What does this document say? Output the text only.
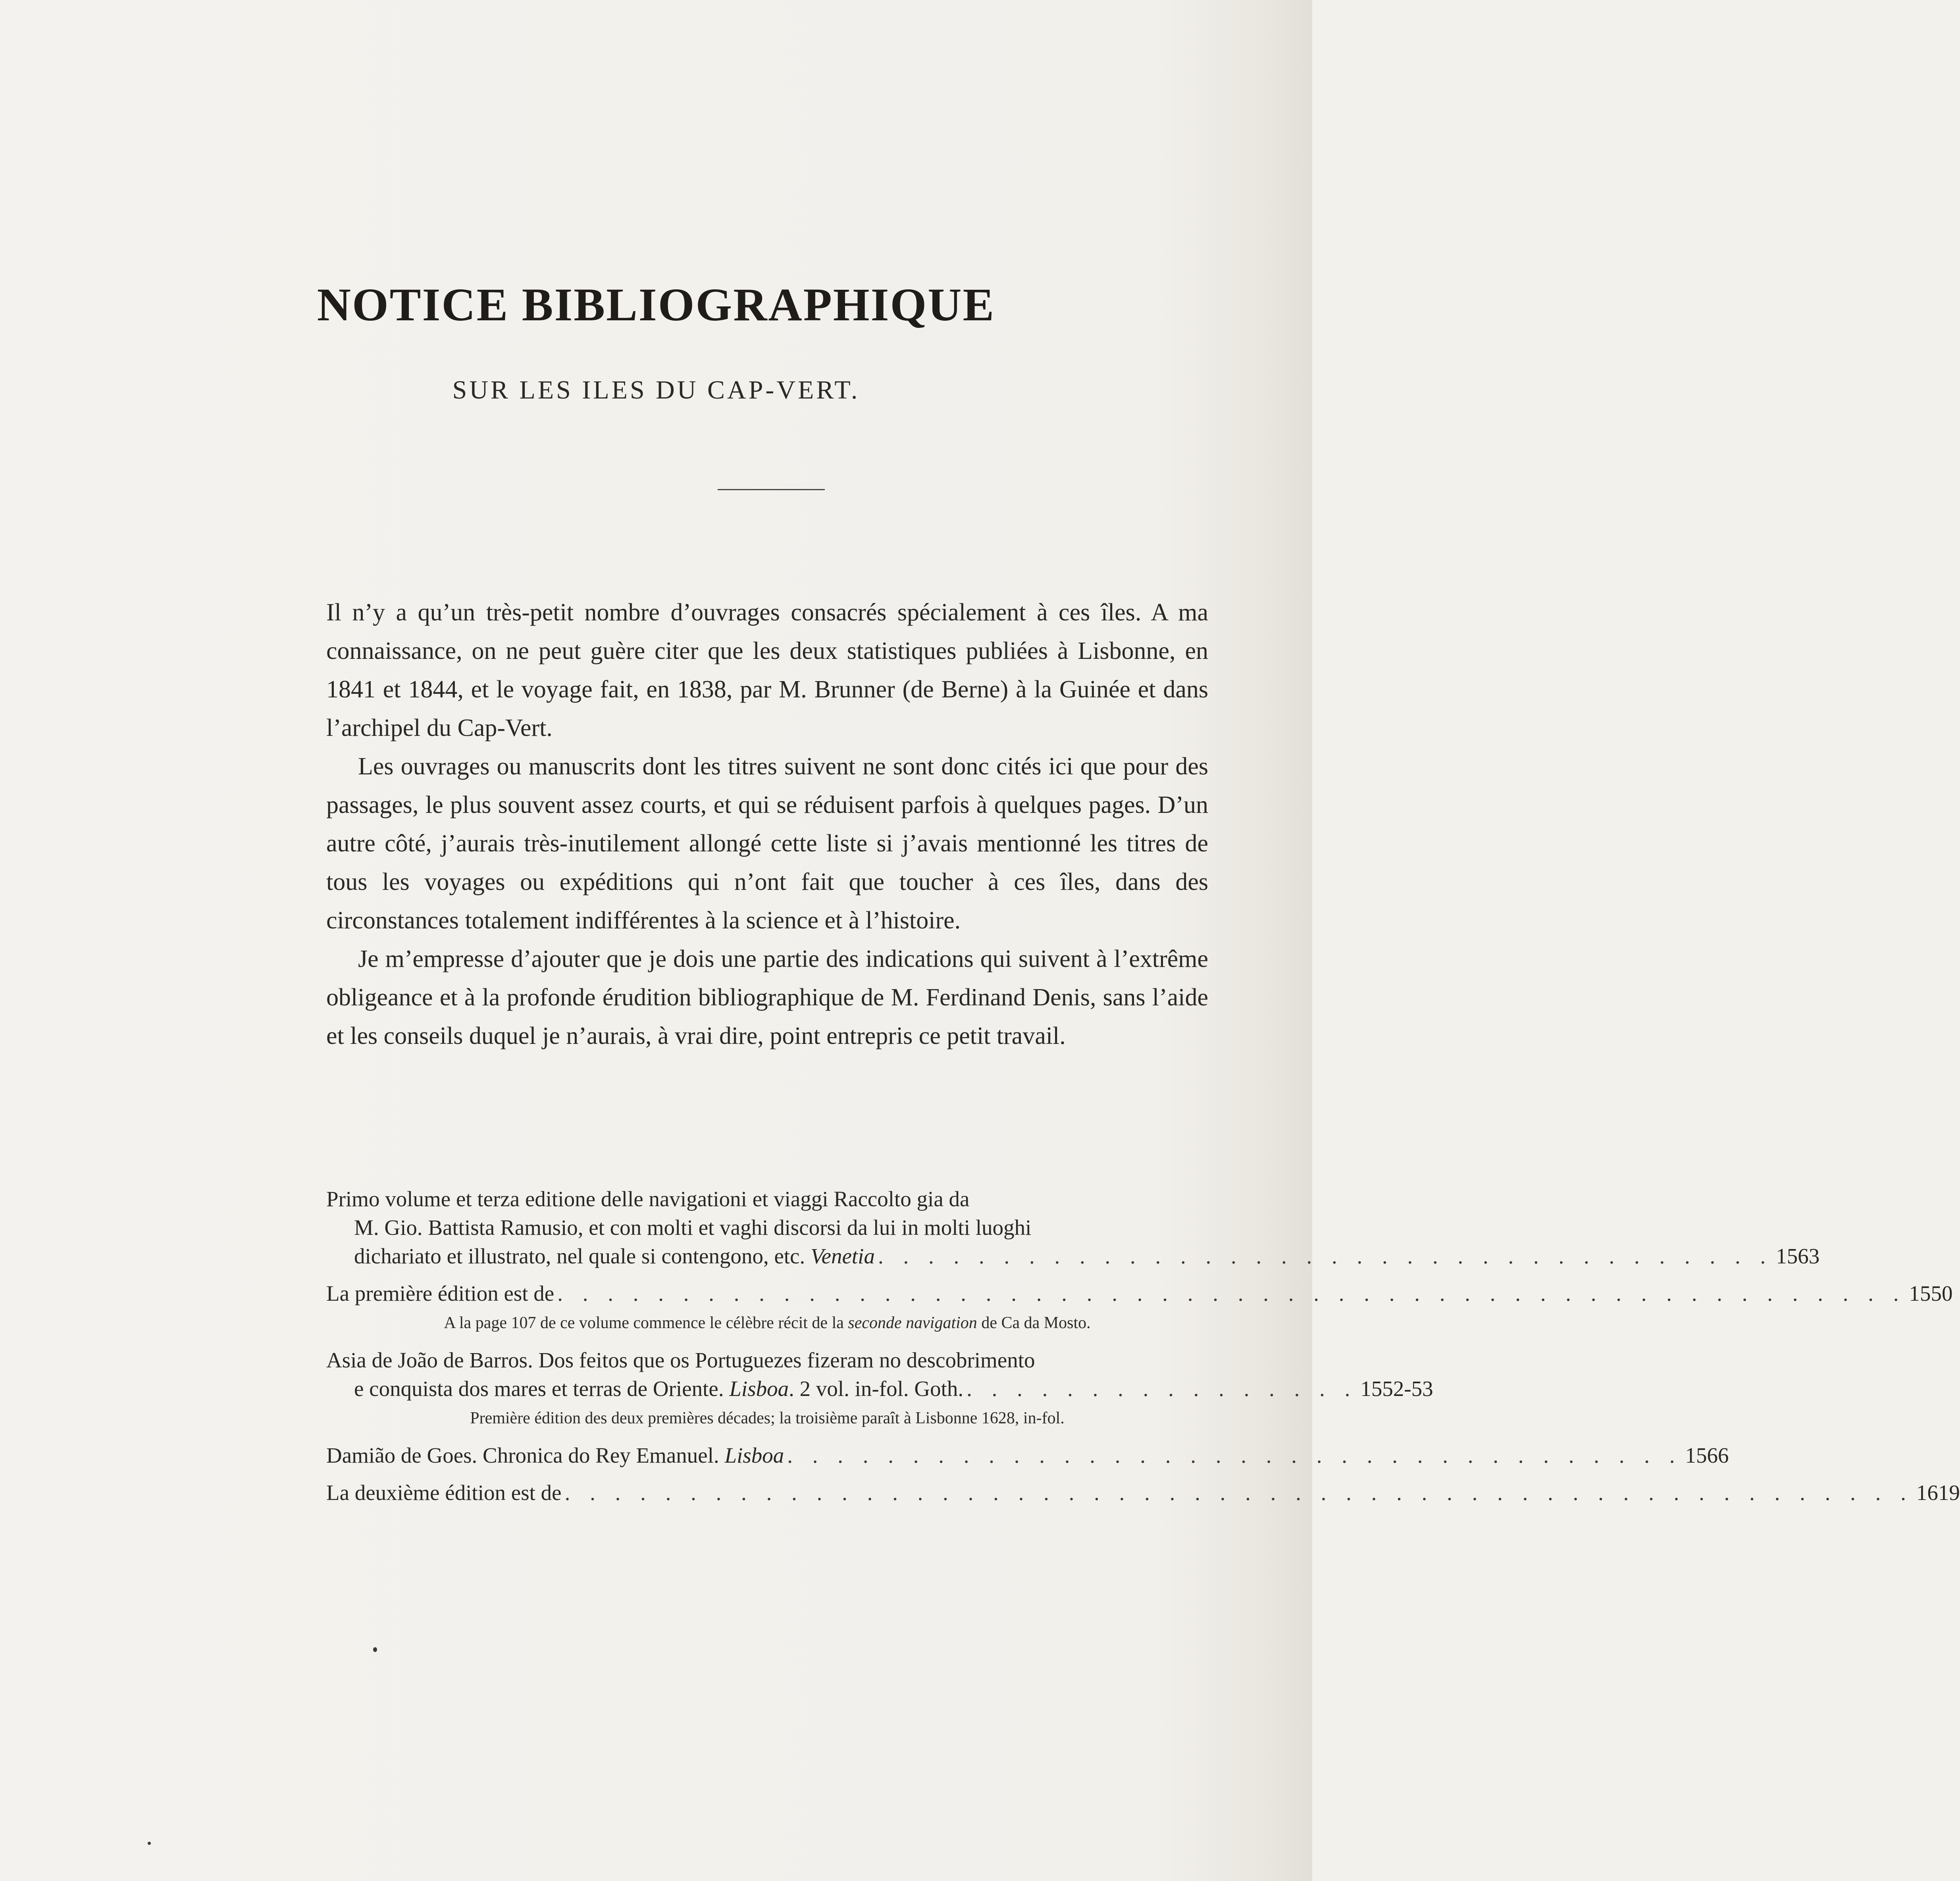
NOTICE BIBLIOGRAPHIQUE
SUR LES ILES DU CAP-VERT.

Il n’y a qu’un très-petit nombre d’ouvrages consacrés spécialement à ces îles. A ma connaissance, on ne peut guère citer que les deux statistiques publiées à Lisbonne, en 1841 et 1844, et le voyage fait, en 1838, par M. Brunner (de Berne) à la Guinée et dans l’archipel du Cap-Vert.

Les ouvrages ou manuscrits dont les titres suivent ne sont donc cités ici que pour des passages, le plus souvent assez courts, et qui se réduisent parfois à quelques pages. D’un autre côté, j’aurais très-inutilement allongé cette liste si j’avais mentionné les titres de tous les voyages ou expéditions qui n’ont fait que toucher à ces îles, dans des circonstances totalement indifférentes à la science et à l’histoire.

Je m’empresse d’ajouter que je dois une partie des indications qui suivent à l’extrême obligeance et à la profonde érudition bibliographique de M. Ferdinand Denis, sans l’aide et les conseils duquel je n’aurais, à vrai dire, point entrepris ce petit travail.

Primo volume et terza editione delle navigationi et viaggi Raccolto gia da
M. Gio. Battista Ramusio, et con molti et vaghi discorsi da lui in molti luoghi
dichariato et illustrato, nel quale si contengono, etc. Venetia . . . . . . . . . . . . . . . . . . . . . . . . . . . . . . . . . . . . 1563
La première édition est de . . . . . . . . . . . . . . . . . . . . . . . . . . . . . . . . . . . . . . . . . . . . . . . . . . . . . . 1550
A la page 107 de ce volume commence le célèbre récit de la seconde navigation de Ca da Mosto.
Asia de João de Barros. Dos feitos que os Portuguezes fizeram no descobrimento
e conquista dos mares et terras de Oriente. Lisboa. 2 vol. in-fol. Goth. . . . . . . . . . . . . . . . . 1552-53
Première édition des deux premières décades; la troisième paraît à Lisbonne 1628, in-fol.
Damião de Goes. Chronica do Rey Emanuel. Lisboa . . . . . . . . . . . . . . . . . . . . . . . . . . . . . . . . . . . . 1566
La deuxième édition est de . . . . . . . . . . . . . . . . . . . . . . . . . . . . . . . . . . . . . . . . . . . . . . . . . . . . . . 1619
